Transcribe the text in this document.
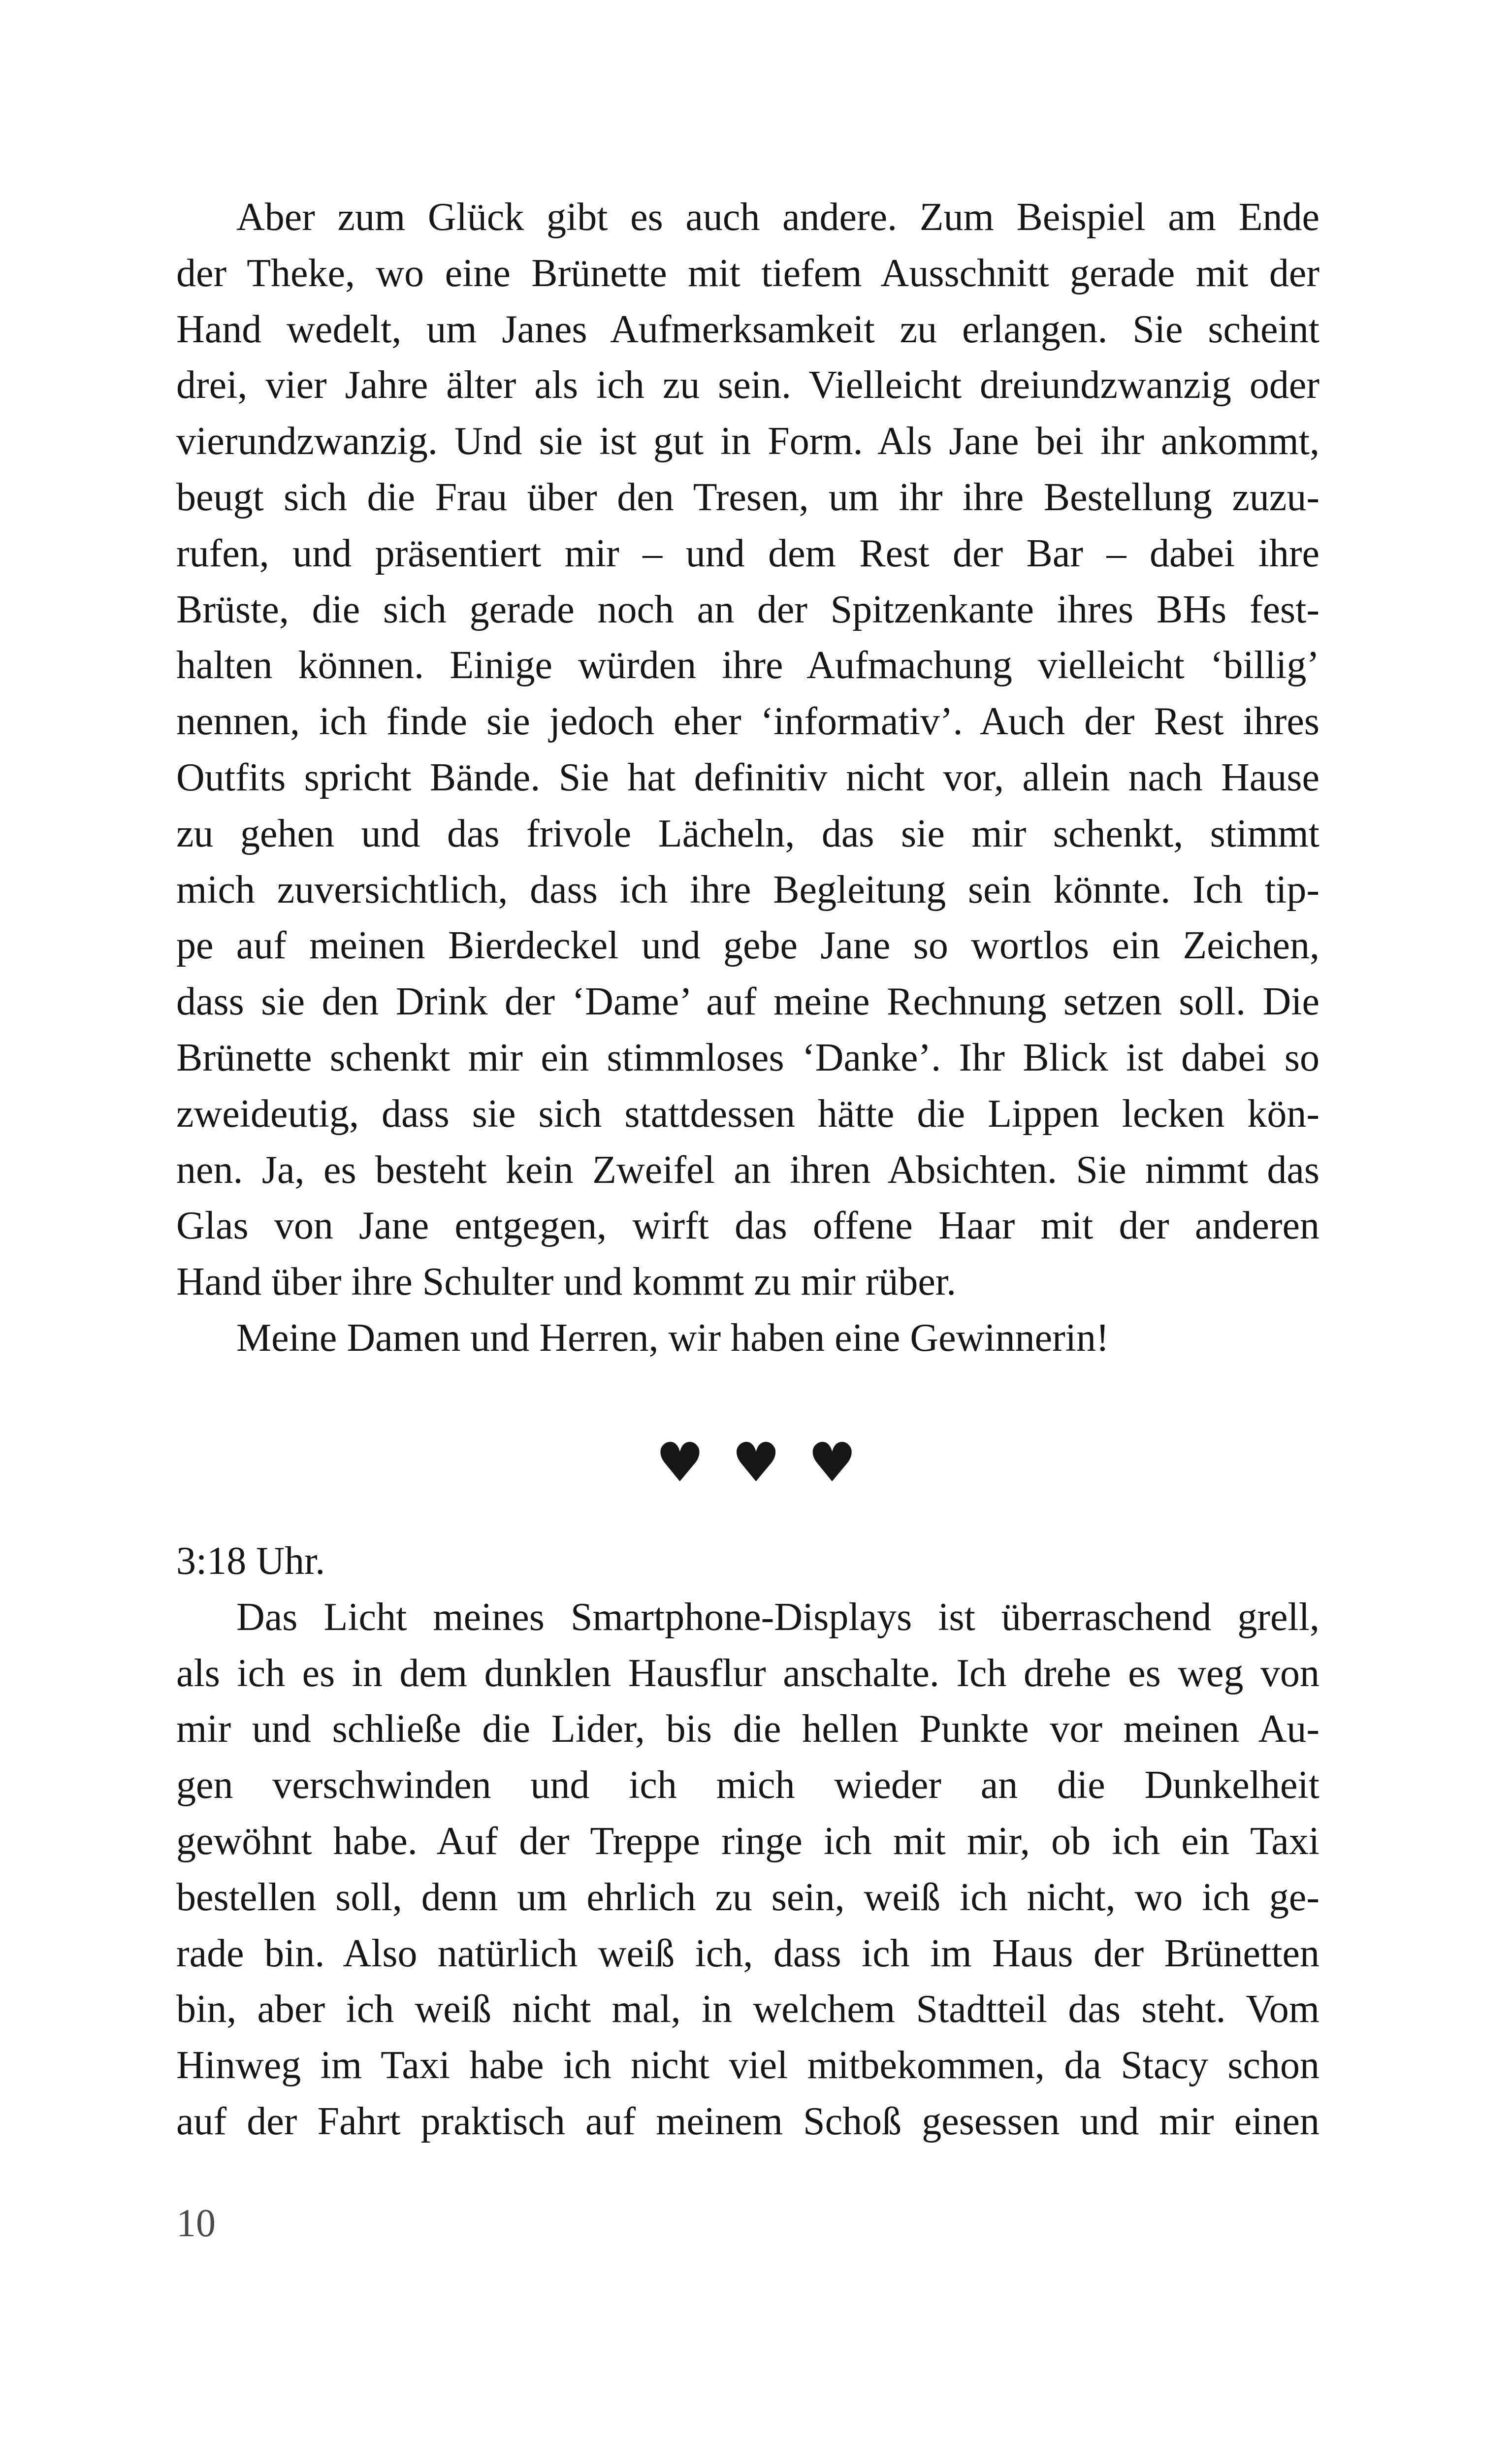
Aber zum Glück gibt es auch andere. Zum Beispiel am Ende
der Theke, wo eine Brünette mit tiefem Ausschnitt gerade mit der
Hand wedelt, um Janes Aufmerksamkeit zu erlangen. Sie scheint
drei, vier Jahre älter als ich zu sein. Vielleicht dreiundzwanzig oder
vierundzwanzig. Und sie ist gut in Form. Als Jane bei ihr ankommt,
beugt sich die Frau über den Tresen, um ihr ihre Bestellung zuzu-
rufen, und präsentiert mir – und dem Rest der Bar – dabei ihre
Brüste, die sich gerade noch an der Spitzenkante ihres BHs fest-
halten können. Einige würden ihre Aufmachung vielleicht ‘billig’
nennen, ich finde sie jedoch eher ‘informativ’. Auch der Rest ihres
Outfits spricht Bände. Sie hat definitiv nicht vor, allein nach Hause
zu gehen und das frivole Lächeln, das sie mir schenkt, stimmt
mich zuversichtlich, dass ich ihre Begleitung sein könnte. Ich tip-
pe auf meinen Bierdeckel und gebe Jane so wortlos ein Zeichen,
dass sie den Drink der ‘Dame’ auf meine Rechnung setzen soll. Die
Brünette schenkt mir ein stimmloses ‘Danke’. Ihr Blick ist dabei so
zweideutig, dass sie sich stattdessen hätte die Lippen lecken kön-
nen. Ja, es besteht kein Zweifel an ihren Absichten. Sie nimmt das
Glas von Jane entgegen, wirft das offene Haar mit der anderen
Hand über ihre Schulter und kommt zu mir rüber.
Meine Damen und Herren, wir haben eine Gewinnerin!
♥ ♥ ♥
3:18 Uhr.
Das Licht meines Smartphone-Displays ist überraschend grell,
als ich es in dem dunklen Hausflur anschalte. Ich drehe es weg von
mir und schließe die Lider, bis die hellen Punkte vor meinen Au-
gen verschwinden und ich mich wieder an die Dunkelheit
gewöhnt habe. Auf der Treppe ringe ich mit mir, ob ich ein Taxi
bestellen soll, denn um ehrlich zu sein, weiß ich nicht, wo ich ge-
rade bin. Also natürlich weiß ich, dass ich im Haus der Brünetten
bin, aber ich weiß nicht mal, in welchem Stadtteil das steht. Vom
Hinweg im Taxi habe ich nicht viel mitbekommen, da Stacy schon
auf der Fahrt praktisch auf meinem Schoß gesessen und mir einen
10
